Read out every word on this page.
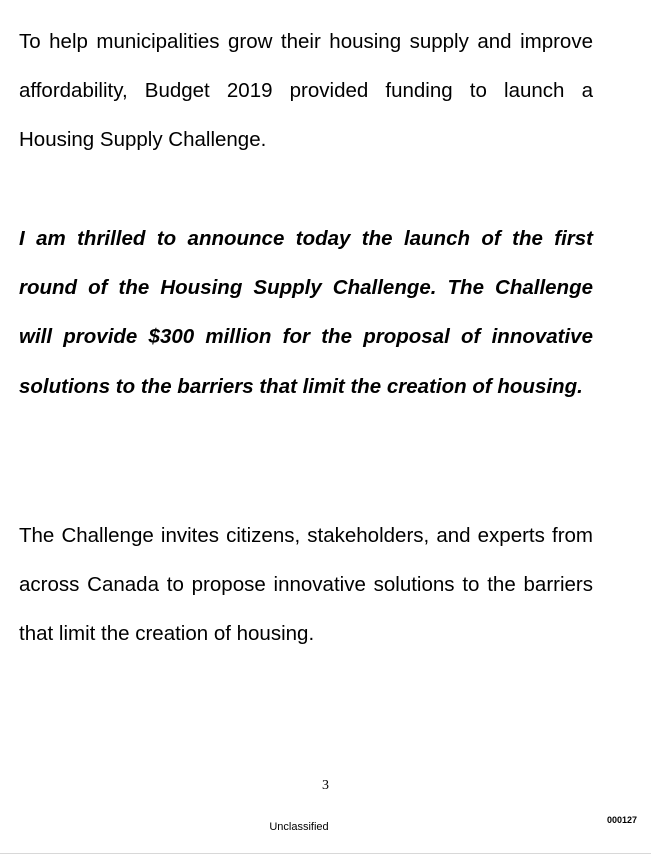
To help municipalities grow their housing supply and improve affordability, Budget 2019 provided funding to launch a Housing Supply Challenge.

I am thrilled to announce today the launch of the first round of the Housing Supply Challenge. The Challenge will provide $300 million for the proposal of innovative solutions to the barriers that limit the creation of housing.

The Challenge invites citizens, stakeholders, and experts from across Canada to propose innovative solutions to the barriers that limit the creation of housing.

3
Unclassified
000127
